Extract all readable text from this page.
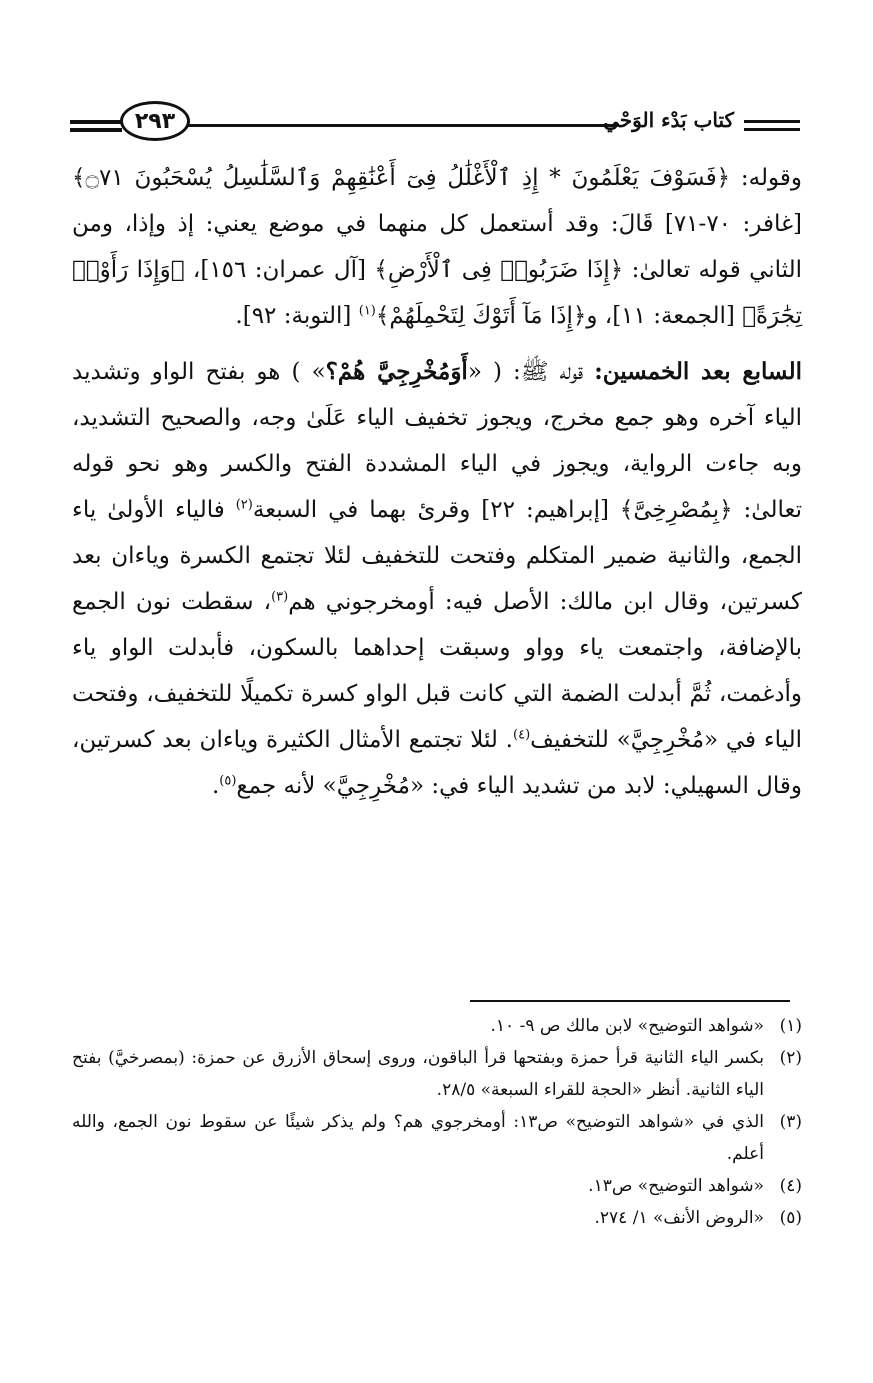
٢٩٣	كتاب بَدْء الوَحْي

وقوله: ﴿فَسَوْفَ يَعْلَمُونَ * إِذِ ٱلْأَغْلَٰلُ فِىٓ أَعْنَٰقِهِمْ وَٱلسَّلَٰسِلُ يُسْحَبُونَ ۝٧١﴾ [غافر: ٧٠-٧١] قَالَ: وقد أستعمل كل منهما في موضع يعني: إذ وإذا، ومن الثاني قوله تعالىٰ: ﴿إِذَا ضَرَبُوا۟ فِى ٱلْأَرْضِ﴾ [آل عمران: ١٥٦]، ﴿وَإِذَا رَأَوْا۟ تِجَٰرَةً﴾ [الجمعة: ١١]، و﴿إِذَا مَآ أَتَوْكَ لِتَحْمِلَهُمْ﴾$^{(١)}$ [التوبة: ٩٢].

السابع بعد الخمسين: قوله ﷺ: ( «أَوَمُخْرِجِيَّ هُمْ؟» ) هو بفتح الواو وتشديد الياء آخره وهو جمع مخرج، ويجوز تخفيف الياء عَلَىٰ وجه، والصحيح التشديد، وبه جاءت الرواية، ويجوز في الياء المشددة الفتح والكسر وهو نحو قوله تعالىٰ: ﴿بِمُصْرِخِىَّ﴾ [إبراهيم: ٢٢] وقرئ بهما في السبعة$^{(٢)}$ فالياء الأولىٰ ياء الجمع، والثانية ضمير المتكلم وفتحت للتخفيف لئلا تجتمع الكسرة وياءان بعد كسرتين، وقال ابن مالك: الأصل فيه: أومخرجوني هم$^{(٣)}$، سقطت نون الجمع بالإضافة، واجتمعت ياء وواو وسبقت إحداهما بالسكون، فأبدلت الواو ياء وأدغمت، ثُمَّ أبدلت الضمة التي كانت قبل الواو كسرة تكميلًا للتخفيف، وفتحت الياء في «مُخْرِجِيَّ» للتخفيف$^{(٤)}$. لئلا تجتمع الأمثال الكثيرة وياءان بعد كسرتين، وقال السهيلي: لابد من تشديد الياء في: «مُخْرِجِيَّ» لأنه جمع$^{(٥)}$.

(١)
«شواهد التوضيح» لابن مالك ص ٩- ١٠.
(٢)
بكسر الياء الثانية قرأ حمزة وبفتحها قرأ الباقون، وروى إسحاق الأزرق عن حمزة: (بمصرخيَّ) بفتح الياء الثانية. أنظر «الحجة للقراء السبعة» ٢٨/٥.
(٣)
الذي في «شواهد التوضيح» ص١٣: أومخرجوي هم؟ ولم يذكر شيئًا عن سقوط نون الجمع، والله أعلم.
(٤)
«شواهد التوضيح» ص١٣.
(٥)
«الروض الأنف» ١/ ٢٧٤.
